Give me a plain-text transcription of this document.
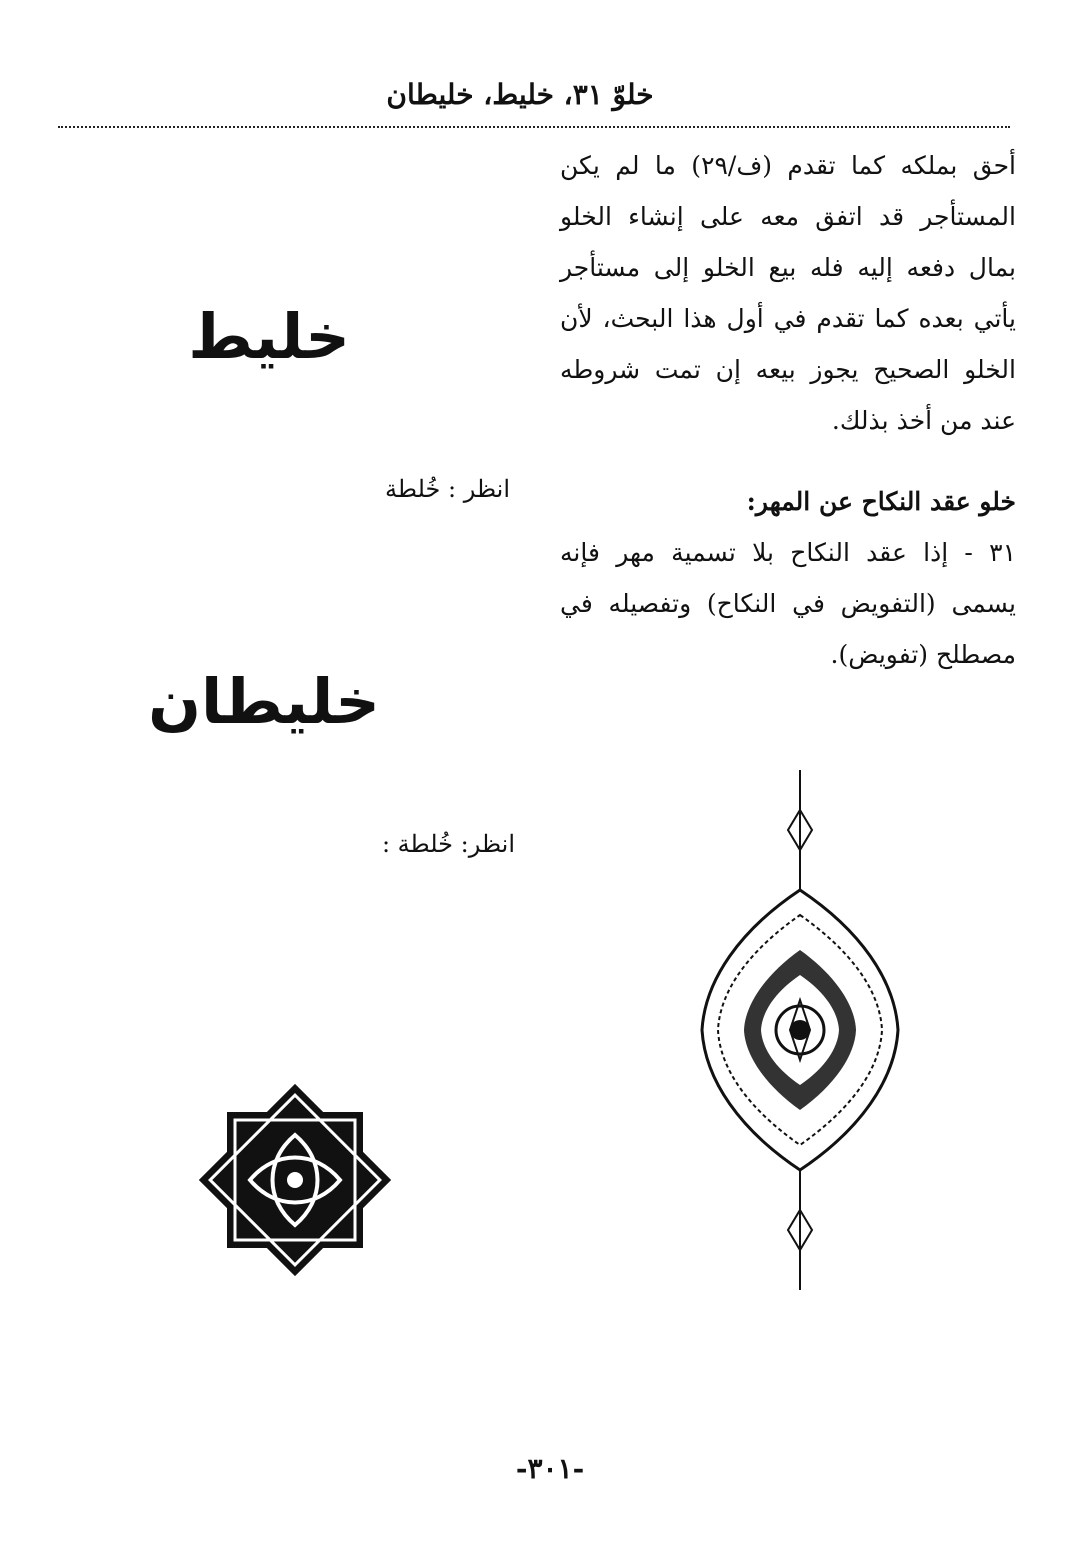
خلوّ ٣١، خليط، خليطان

أحق بملكه كما تقدم (ف/٢٩) ما لم يكن المستأجر قد اتفق معه على إنشاء الخلو بمال دفعه إليه فله بيع الخلو إلى مستأجر يأتي بعده كما تقدم في أول هذا البحث، لأن الخلو الصحيح يجوز بيعه إن تمت شروطه عند من أخذ بذلك.

خلو عقد النكاح عن المهر:

٣١ - إذا عقد النكاح بلا تسمية مهر فإنه يسمى (التفويض في النكاح) وتفصيله في مصطلح (تفويض).

خليط
انظر : خُلطة
خليطان
انظر: خُلطة :
-٣٠١-
